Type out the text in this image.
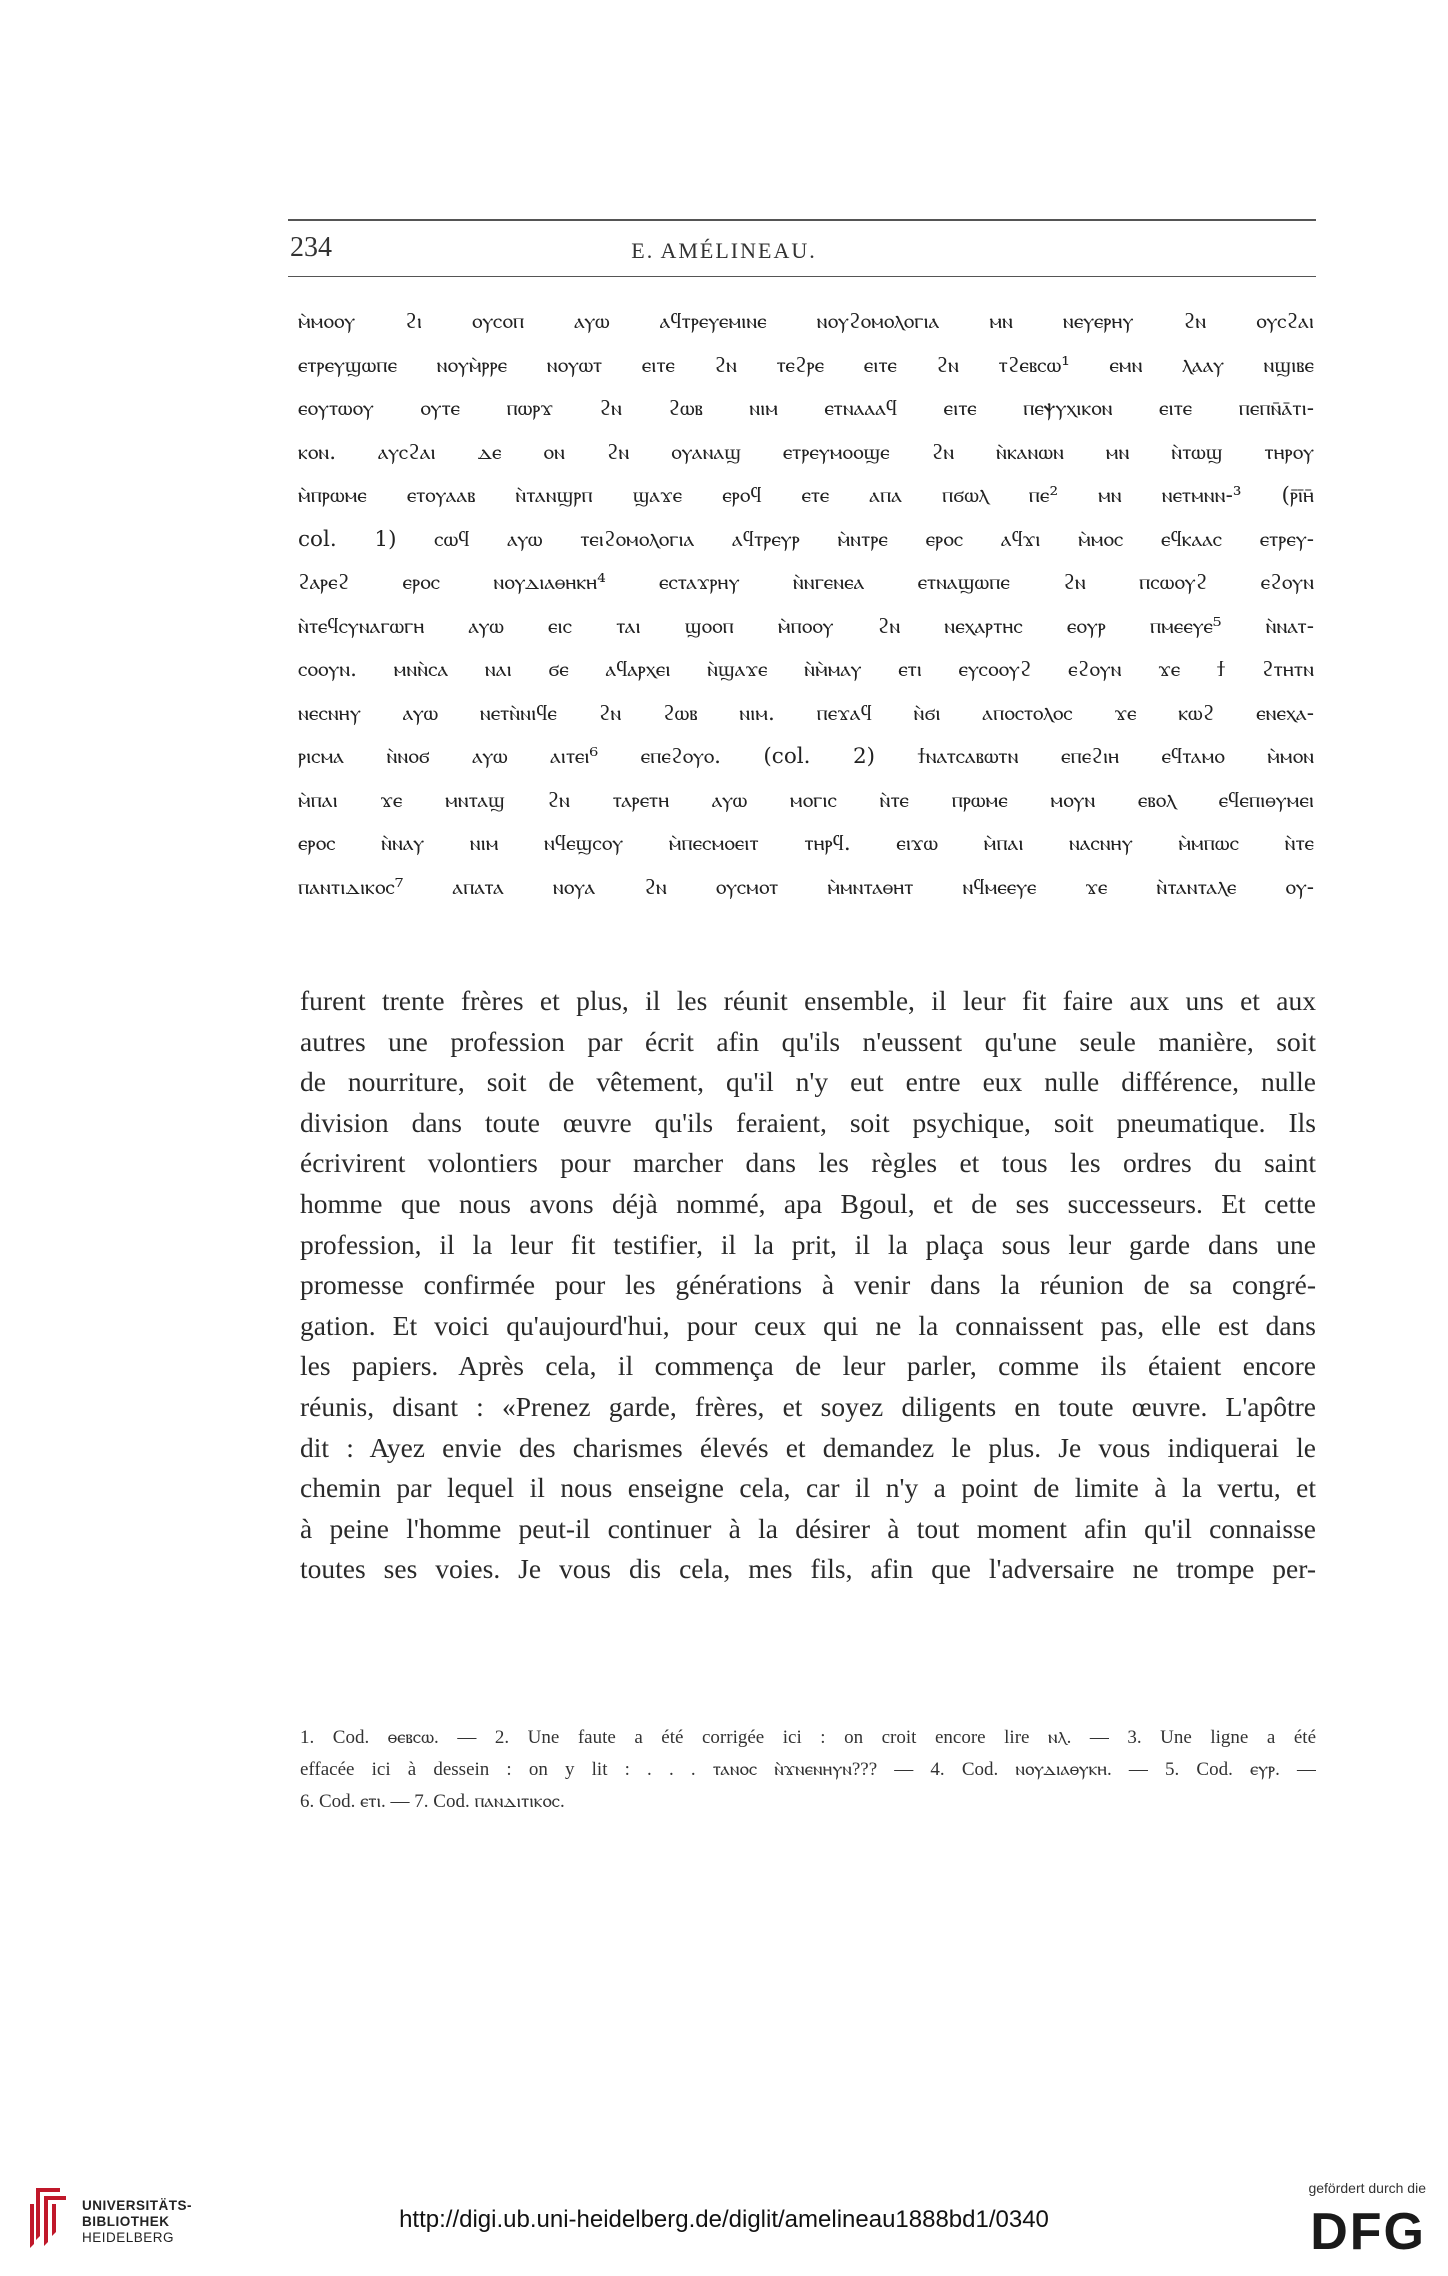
234	E. AMÉLINEAU.
ⲙ̀ⲙⲟⲟⲩ ϩⲓ ⲟⲩⲥⲟⲡ ⲁⲩⲱ ⲁϥⲧⲣⲉⲩⲉⲙⲓⲛⲉ ⲛⲟⲩϩⲟⲙⲟⲗⲟⲅⲓⲁ ⲙⲛ ⲛⲉⲩⲉⲣⲏⲩ ϩⲛ ⲟⲩⲥϩⲁⲓ
ⲉⲧⲣⲉⲩϣⲱⲡⲉ ⲛⲟⲩⲙ̀ⲣⲣⲉ ⲛⲟⲩⲱⲧ ⲉⲓⲧⲉ ϩⲛ ⲧⲉϩⲣⲉ ⲉⲓⲧⲉ ϩⲛ ⲧϩⲉⲃⲥⲱ¹ ⲉⲙⲛ ⲗⲁⲁⲩ ⲛϣⲓⲃⲉ
ⲉⲟⲩⲧⲱⲟⲩ ⲟⲩⲧⲉ ⲡⲱⲣϫ ϩⲛ ϩⲱⲃ ⲛⲓⲙ ⲉⲧⲛⲁⲁⲁϥ ⲉⲓⲧⲉ ⲡⲉⲯⲩⲭⲓⲕⲟⲛ ⲉⲓⲧⲉ ⲡⲉⲡⲛ̄ⲁ̄ⲧⲓ-
ⲕⲟⲛ. ⲁⲩⲥϩⲁⲓ ⲇⲉ ⲟⲛ ϩⲛ ⲟⲩⲁⲛⲁϣ ⲉⲧⲣⲉⲩⲙⲟⲟϣⲉ ϩⲛ ⲛ̀ⲕⲁⲛⲱⲛ ⲙⲛ ⲛ̀ⲧⲱϣ ⲧⲏⲣⲟⲩ
ⲙ̀ⲡⲣⲱⲙⲉ ⲉⲧⲟⲩⲁⲁⲃ ⲛ̀ⲧⲁⲛϣⲣⲡ ϣⲁϫⲉ ⲉⲣⲟϥ ⲉⲧⲉ ⲁⲡⲁ ⲡϭⲱⲗ ⲡⲉ² ⲙⲛ ⲛⲉⲧⲙⲛⲛ-³ (ⲣ̄ⲓ̄ⲏ̄
col. 1) ⲥⲱϥ ⲁⲩⲱ ⲧⲉⲓϩⲟⲙⲟⲗⲟⲅⲓⲁ ⲁϥⲧⲣⲉⲩⲣ ⲙ̀ⲛⲧⲣⲉ ⲉⲣⲟⲥ ⲁϥϫⲓ ⲙ̀ⲙⲟⲥ ⲉϥⲕⲁⲁⲥ ⲉⲧⲣⲉⲩ-
ϩⲁⲣⲉϩ ⲉⲣⲟⲥ ⲛⲟⲩⲇⲓⲁⲑⲏⲕⲏ⁴ ⲉⲥⲧⲁϫⲣⲏⲩ ⲛ̀ⲛⲅⲉⲛⲉⲁ ⲉⲧⲛⲁϣⲱⲡⲉ ϩⲛ ⲡⲥⲱⲟⲩϩ ⲉϩⲟⲩⲛ
ⲛ̀ⲧⲉϥⲥⲩⲛⲁⲅⲱⲅⲏ ⲁⲩⲱ ⲉⲓⲥ ⲧⲁⲓ ϣⲟⲟⲡ ⲙ̀ⲡⲟⲟⲩ ϩⲛ ⲛⲉⲭⲁⲣⲧⲏⲥ ⲉⲟⲩⲣ ⲡⲙⲉⲉⲩⲉ⁵ ⲛ̀ⲛⲁⲧ-
ⲥⲟⲟⲩⲛ. ⲙⲛⲛ̀ⲥⲁ ⲛⲁⲓ ϭⲉ ⲁϥⲁⲣⲭⲉⲓ ⲛ̀ϣⲁϫⲉ ⲛ̀ⲙ̀ⲙⲁⲩ ⲉⲧⲓ ⲉⲩⲥⲟⲟⲩϩ ⲉϩⲟⲩⲛ ϫⲉ ϯ ϩⲧⲏⲧⲛ
ⲛⲉⲥⲛⲏⲩ ⲁⲩⲱ ⲛⲉⲧⲛ̀ⲛⲓϥⲉ ϩⲛ ϩⲱⲃ ⲛⲓⲙ. ⲡⲉϫⲁϥ ⲛ̀ϭⲓ ⲁⲡⲟⲥⲧⲟⲗⲟⲥ ϫⲉ ⲕⲱϩ ⲉⲛⲉⲭⲁ-
ⲣⲓⲥⲙⲁ ⲛ̀ⲛⲟϭ ⲁⲩⲱ ⲁⲓⲧⲉⲓ⁶ ⲉⲡⲉϩⲟⲩⲟ. (col. 2) ϯⲛⲁⲧⲥⲁⲃⲱⲧⲛ ⲉⲡⲉϩⲓⲏ ⲉϥⲧⲁⲙⲟ ⲙ̀ⲙⲟⲛ
ⲙ̀ⲡⲁⲓ ϫⲉ ⲙⲛⲧⲁϣ ϩⲛ ⲧⲁⲣⲉⲧⲏ ⲁⲩⲱ ⲙⲟⲅⲓⲥ ⲛ̀ⲧⲉ ⲡⲣⲱⲙⲉ ⲙⲟⲩⲛ ⲉⲃⲟⲗ ⲉϥⲉⲡⲓⲑⲩⲙⲉⲓ
ⲉⲣⲟⲥ ⲛ̀ⲛⲁⲩ ⲛⲓⲙ ⲛϥⲉϣⲥⲟⲩ ⲙ̀ⲡⲉⲥⲙⲟⲉⲓⲧ ⲧⲏⲣϥ. ⲉⲓϫⲱ ⲙ̀ⲡⲁⲓ ⲛⲁⲥⲛⲏⲩ ⲙ̀ⲙⲡⲱⲥ ⲛ̀ⲧⲉ
ⲡⲁⲛⲧⲓⲇⲓⲕⲟⲥ⁷ ⲁⲡⲁⲧⲁ ⲛⲟⲩⲁ ϩⲛ ⲟⲩⲥⲙⲟⲧ ⲙ̀ⲙⲛⲧⲁⲑⲏⲧ ⲛϥⲙⲉⲉⲩⲉ ϫⲉ ⲛ̀ⲧⲁⲛⲧⲁⲗⲉ ⲟⲩ-
furent trente frères et plus, il les réunit ensemble, il leur fit faire aux uns et aux
autres une profession par écrit afin qu'ils n'eussent qu'une seule manière, soit
de nourriture, soit de vêtement, qu'il n'y eut entre eux nulle différence, nulle
division dans toute œuvre qu'ils feraient, soit psychique, soit pneumatique. Ils
écrivirent volontiers pour marcher dans les règles et tous les ordres du saint
homme que nous avons déjà nommé, apa Bgoul, et de ses successeurs. Et cette
profession, il la leur fit testifier, il la prit, il la plaça sous leur garde dans une
promesse confirmée pour les générations à venir dans la réunion de sa congré-
gation. Et voici qu'aujourd'hui, pour ceux qui ne la connaissent pas, elle est dans
les papiers. Après cela, il commença de leur parler, comme ils étaient encore
réunis, disant : «Prenez garde, frères, et soyez diligents en toute œuvre. L'apôtre
dit : Ayez envie des charismes élevés et demandez le plus. Je vous indiquerai le
chemin par lequel il nous enseigne cela, car il n'y a point de limite à la vertu, et
à peine l'homme peut-il continuer à la désirer à tout moment afin qu'il connaisse
toutes ses voies. Je vous dis cela, mes fils, afin que l'adversaire ne trompe per-
1. Cod. ⲑⲉⲃⲥⲱ. — 2. Une faute a été corrigée ici : on croit encore lire ⲛⲗ. — 3. Une ligne a été
effacée ici à dessein : on y lit : . . . ⲧⲁⲛⲟⲥ ⲛ̀ϫⲛⲉⲛⲏⲩⲛ??? — 4. Cod. ⲛⲟⲩⲇⲓⲁⲑⲩⲕⲏ. — 5. Cod. ⲉⲩⲣ. —
6. Cod. ⲉⲧⲓ. — 7. Cod. ⲡⲁⲛⲇⲓⲧⲓⲕⲟⲥ.
UNIVERSITÄTS-
BIBLIOTHEK
HEIDELBERG
http://digi.ub.uni-heidelberg.de/diglit/amelineau1888bd1/0340
gefördert durch die
DFG
